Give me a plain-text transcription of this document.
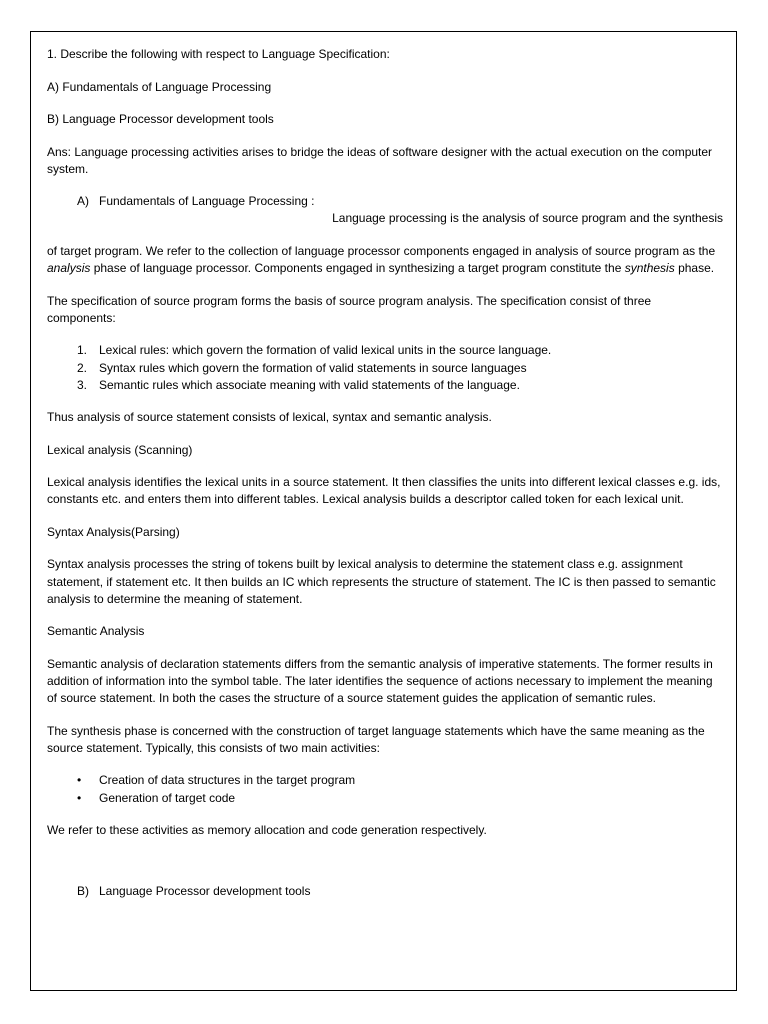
1. Describe the following with respect to Language Specification:

A) Fundamentals of Language Processing

B) Language Processor development tools

Ans: Language processing activities arises to bridge the ideas of software designer with the actual execution on the computer system.

A) Fundamentals of Language Processing :

Language processing is the analysis of source program and the synthesis

of target program. We refer to the collection of language processor components engaged in analysis of source program as the analysis phase of language processor. Components engaged in synthesizing a target program constitute the synthesis phase.

The specification of source program forms the basis of source program analysis. The specification consist of three components:

1. Lexical rules: which govern the formation of valid lexical units in the source language.
2. Syntax rules which govern the formation of valid statements in source languages
3. Semantic rules which associate meaning with valid statements of the language.

Thus analysis of source statement consists of lexical, syntax and semantic analysis.

Lexical analysis (Scanning)

Lexical analysis identifies the lexical units in a source statement. It then classifies the units into different lexical classes e.g. ids, constants etc. and enters them into different tables. Lexical analysis builds a descriptor called token for each lexical unit.

Syntax Analysis(Parsing)

Syntax analysis processes the string of tokens built by lexical analysis to determine the statement class e.g. assignment statement, if statement etc. It then builds an IC which represents the structure of statement. The IC is then passed to semantic analysis to determine the meaning of statement.

Semantic Analysis

Semantic analysis of declaration statements differs from the semantic analysis of imperative statements. The former results in addition of information into the symbol table. The later identifies the sequence of actions necessary to implement the meaning of source statement. In both the cases the structure of a source statement guides the application of semantic rules.

The synthesis phase is concerned with the construction of target language statements which have the same meaning as the source statement. Typically, this consists of two main activities:

•	Creation of data structures in the target program
•	Generation of target code

We refer to these activities as memory allocation and code generation respectively.

B) Language Processor development tools
